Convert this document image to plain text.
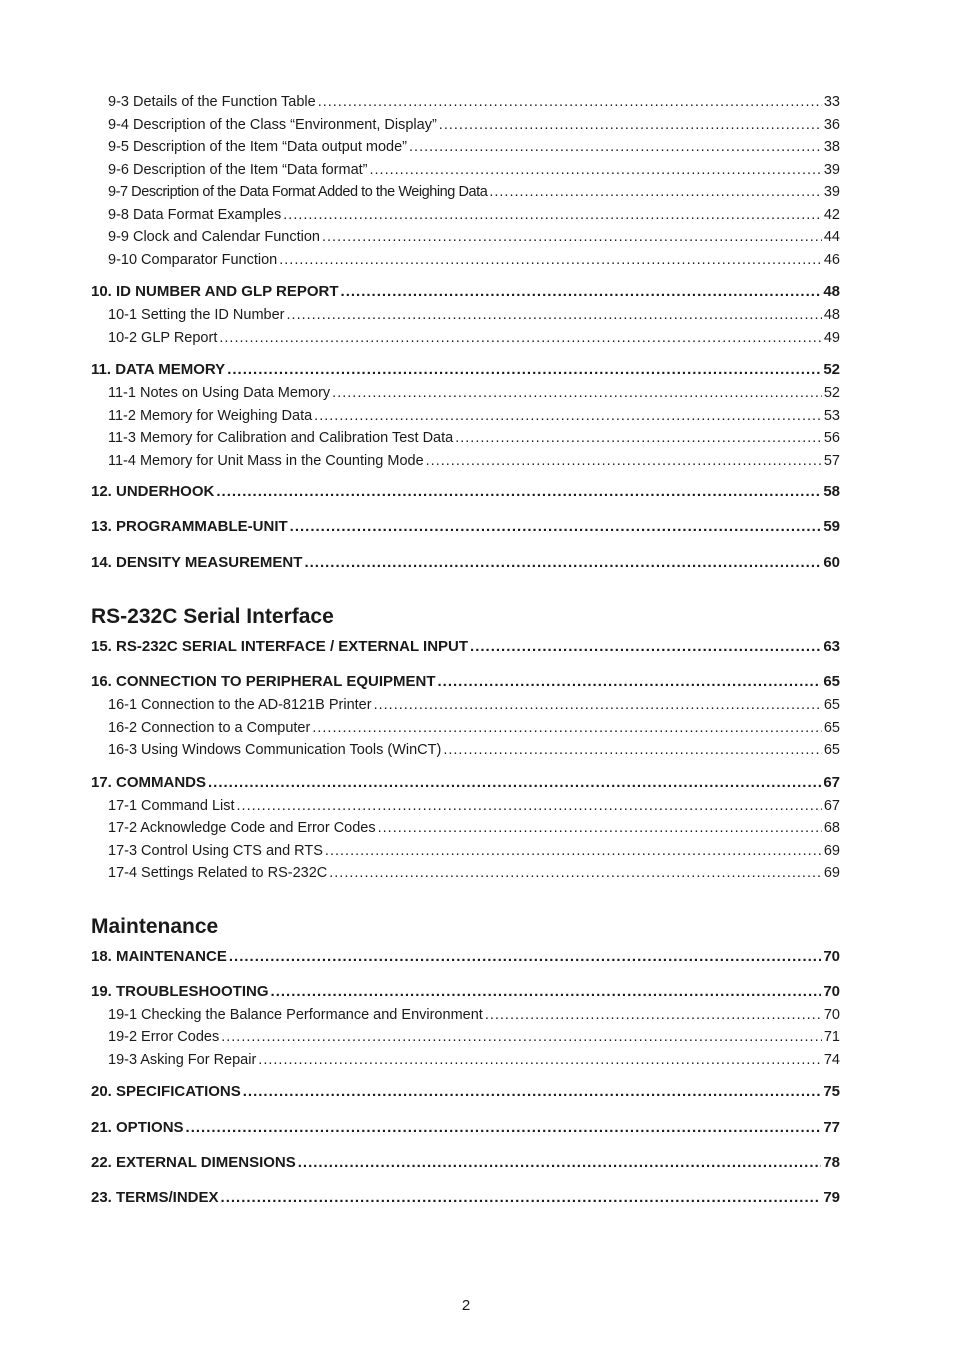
9-3 Details of the Function Table .....	33
9-4 Description of the Class “Environment, Display” .....	36
9-5 Description of the Item “Data output mode” .....	38
9-6 Description of the Item “Data format” .....	39
9-7 Description of the Data Format Added to the Weighing Data .....	39
9-8 Data Format Examples .....	42
9-9 Clock and Calendar Function .....	44
9-10 Comparator Function .....	46
10. ID NUMBER AND GLP REPORT .....	48
10-1 Setting the ID Number .....	48
10-2 GLP Report .....	49
11. DATA MEMORY .....	52
11-1 Notes on Using Data Memory .....	52
11-2 Memory for Weighing Data .....	53
11-3 Memory for Calibration and Calibration Test Data .....	56
11-4 Memory for Unit Mass in the Counting Mode .....	57
12. UNDERHOOK .....	58
13. PROGRAMMABLE-UNIT .....	59
14. DENSITY MEASUREMENT .....	60
RS-232C Serial Interface
15. RS-232C SERIAL INTERFACE / EXTERNAL INPUT .....	63
16. CONNECTION TO PERIPHERAL EQUIPMENT .....	65
16-1 Connection to the AD-8121B Printer .....	65
16-2 Connection to a Computer .....	65
16-3 Using Windows Communication Tools (WinCT) .....	65
17. COMMANDS .....	67
17-1 Command List .....	67
17-2 Acknowledge Code and Error Codes .....	68
17-3 Control Using CTS and RTS .....	69
17-4 Settings Related to RS-232C .....	69
Maintenance
18. MAINTENANCE .....	70
19. TROUBLESHOOTING .....	70
19-1 Checking the Balance Performance and Environment .....	70
19-2 Error Codes .....	71
19-3 Asking For Repair .....	74
20. SPECIFICATIONS .....	75
21. OPTIONS .....	77
22. EXTERNAL DIMENSIONS .....	78
23. TERMS/INDEX .....	79
2
